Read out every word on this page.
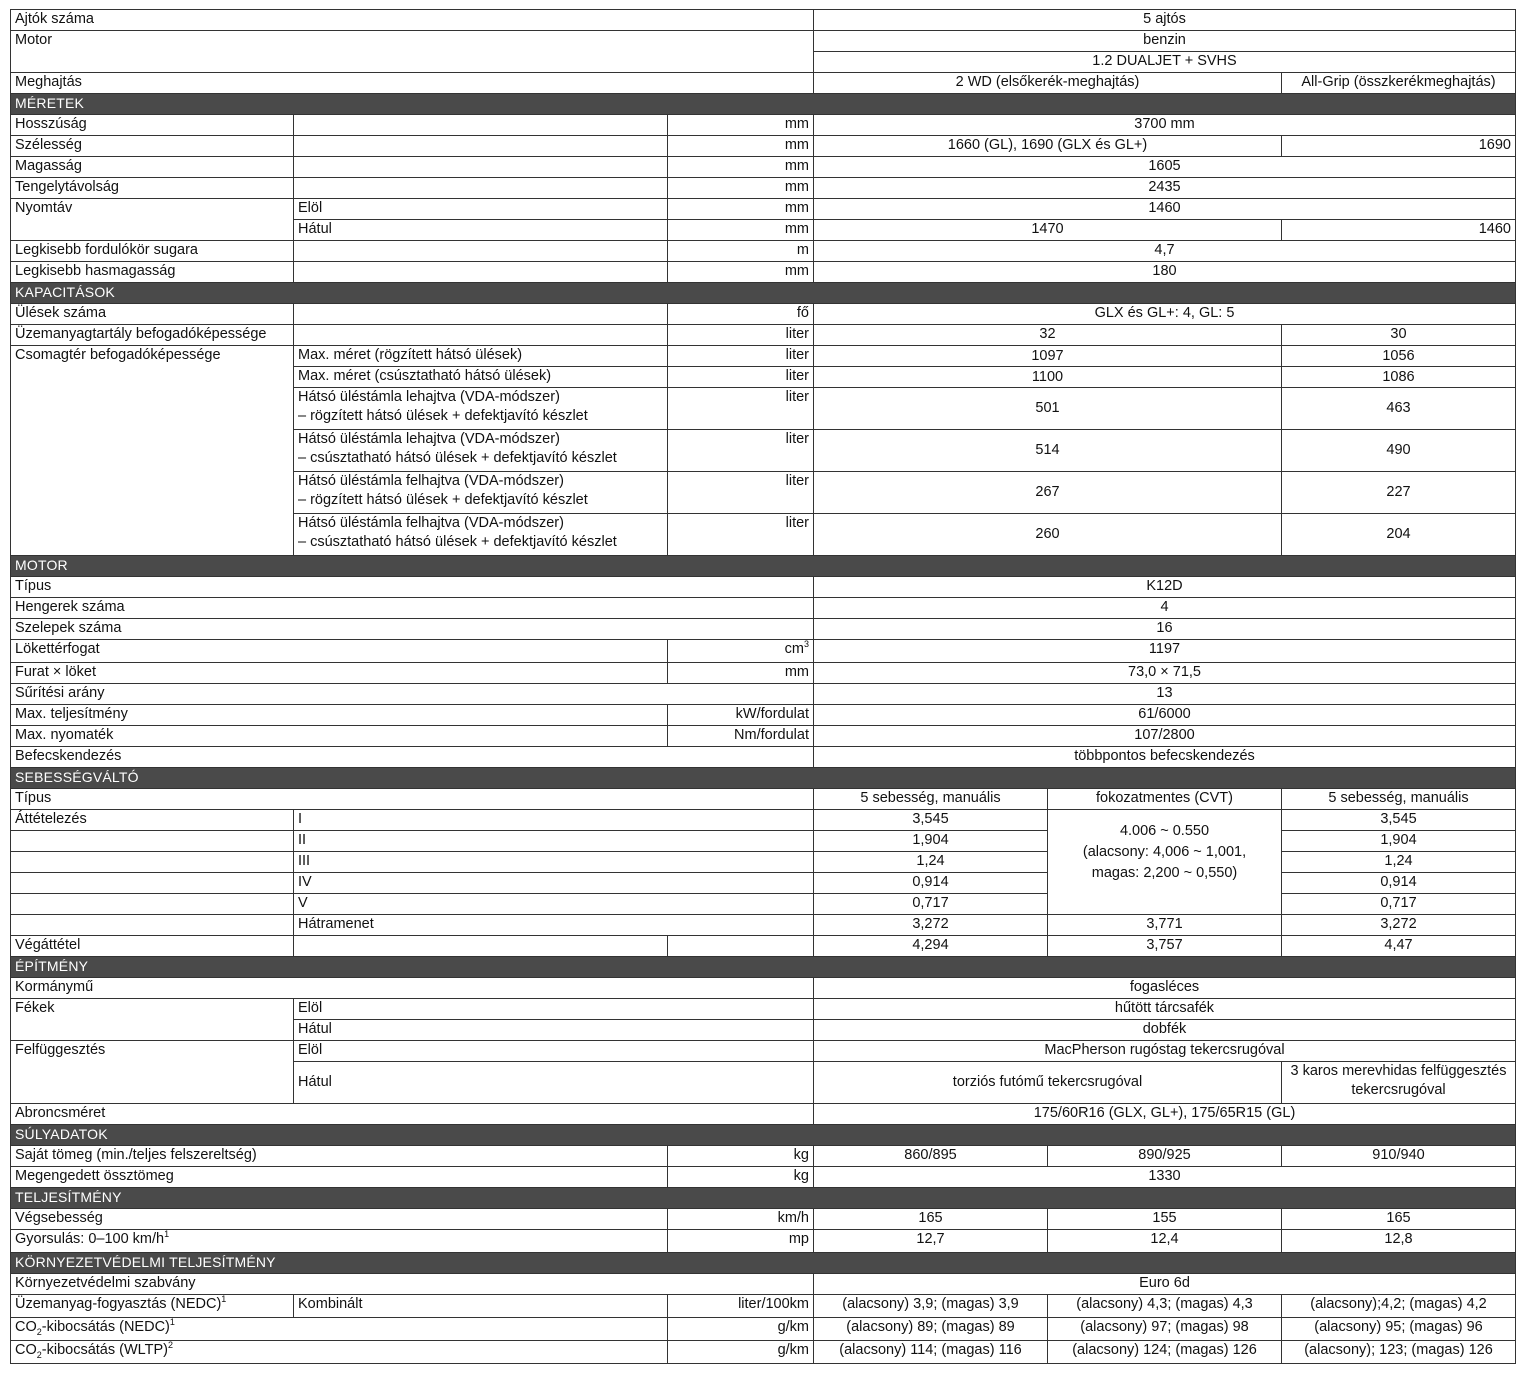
Ajtók száma			5 ajtós		
Motor			benzin		
			1.2 DUALJET + SVHS		
Meghajtás			2 WD (elsőkerék-meghajtás)		All-Grip (összkerékmeghajtás)
MÉRETEK					
Hosszúság		mm	3700 mm		
Szélesség		mm	1660 (GL), 1690 (GLX és GL+)		1690
Magasság		mm	1605		
Tengelytávolság		mm	2435		
Nyomtáv	Elöl	mm	1460		
	Hátul	mm	1470		1460
Legkisebb fordulókör sugara		m	4,7		
Legkisebb hasmagasság		mm	180		
KAPACITÁSOK					
Ülések száma		fő	GLX és GL+: 4, GL: 5		
Üzemanyagtartály befogadóképessége		liter	32		30
Csomagtér befogadóképessége	Max. méret (rögzített hátsó ülések)	liter	1097		1056
	Max. méret (csúsztatható hátsó ülések)	liter	1100		1086
	Hátsó üléstámla lehajtva (VDA-módszer)
– rögzített hátsó ülések + defektjavító készlet	liter	501		463
	Hátsó üléstámla lehajtva (VDA-módszer)
– csúsztatható hátsó ülések + defektjavító készlet	liter	514		490
	Hátsó üléstámla felhajtva (VDA-módszer)
– rögzített hátsó ülések + defektjavító készlet	liter	267		227
	Hátsó üléstámla felhajtva (VDA-módszer)
– csúsztatható hátsó ülések + defektjavító készlet	liter	260		204
MOTOR					
Típus			K12D		
Hengerek száma			4		
Szelepek száma			16		
Lökettérfogat		$cm^3$	1197		
Furat × löket		mm	73,0 × 71,5		
Sűrítési arány			13		
Max. teljesítmény		kW/fordulat	61/6000		
Max. nyomaték		Nm/fordulat	107/2800		
Befecskendezés			többpontos befecskendezés		
SEBESSÉGVÁLTÓ					
Típus			5 sebesség, manuális	fokozatmentes (CVT)	5 sebesség, manuális
Áttételezés	I		3,545	4.006 ~ 0.550
(alacsony: 4,006 ~ 1,001,
magas: 2,200 ~ 0,550)	3,545
	II		1,904		1,904
	III		1,24		1,24
	IV		0,914		0,914
	V		0,717		0,717
	Hátramenet		3,272	3,771	3,272
Végáttétel			4,294	3,757	4,47
ÉPÍTMÉNY					
Kormánymű			fogasléces		
Fékek	Elöl		hűtött tárcsafék		
	Hátul		dobfék		
Felfüggesztés	Elöl		MacPherson rugóstag tekercsrugóval		
	Hátul		torziós futómű tekercsrugóval		3 karos merevhidas felfüggesztés
tekercsrugóval
Abroncsméret			175/60R16 (GLX, GL+), 175/65R15 (GL)		
SÚLYADATOK					
Saját tömeg (min./teljes felszereltség)		kg	860/895	890/925	910/940
Megengedett össztömeg		kg	1330		
TELJESÍTMÉNY					
Végsebesség		km/h	165	155	165
Gyorsulás: 0–100 $km/h^1$		mp	12,7	12,4	12,8
KÖRNYEZETVÉDELMI TELJESÍTMÉNY					
Környezetvédelmi szabvány			Euro 6d		
Üzemanyag-fogyasztás (NEDC)$^1$	Kombinált	liter/100km	(alacsony) 3,9; (magas) 3,9	(alacsony) 4,3; (magas) 4,3	(alacsony);4,2; (magas) 4,2
$CO_2$-kibocsátás (NEDC)$^1$		g/km	(alacsony) 89; (magas) 89	(alacsony) 97; (magas) 98	(alacsony) 95; (magas) 96
$CO_2$-kibocsátás (WLTP)$^2$		g/km	(alacsony) 114; (magas) 116	(alacsony) 124; (magas) 126	(alacsony); 123; (magas) 126
